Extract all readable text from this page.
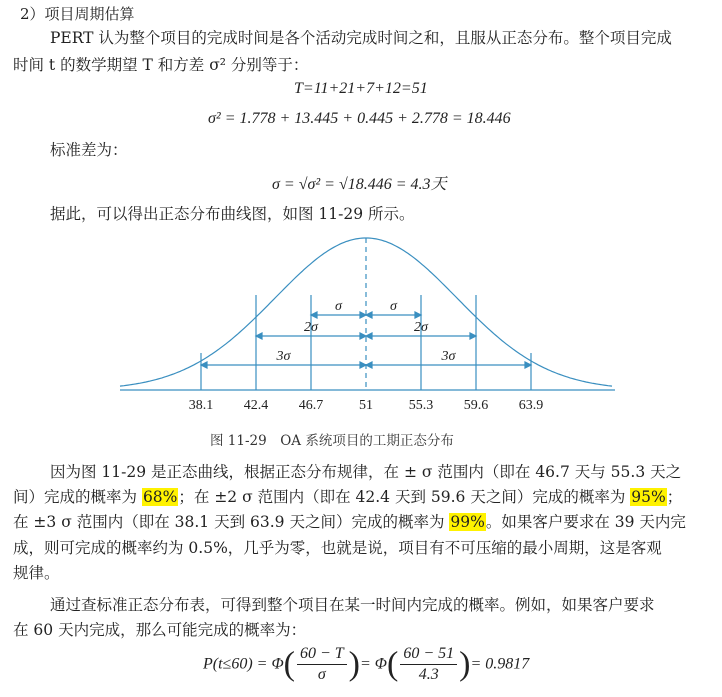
2）项目周期估算
PERT 认为整个项目的完成时间是各个活动完成时间之和，且服从正态分布。整个项目完成
时间 t 的数学期望 T 和方差 σ² 分别等于：
T=11+21+7+12=51
σ² = 1.778 + 13.445 + 0.445 + 2.778 = 18.446
标准差为：
σ = √σ² = √18.446 = 4.3天
据此，可以得出正态分布曲线图，如图 11-29 所示。
σ	σ
2σ	2σ
3σ	3σ
38.1 42.4 46.7	51	55.3 59.6 63.9
图 11-29　OA 系统项目的工期正态分布
因为图 11-29 是正态曲线，根据正态分布规律，在 ± σ 范围内（即在 46.7 天与 55.3 天之
间）完成的概率为 68%；在 ±2 σ 范围内（即在 42.4 天到 59.6 天之间）完成的概率为 95%；
在 ±3 σ 范围内（即在 38.1 天到 63.9 天之间）完成的概率为 99%。如果客户要求在 39 天内完
成，则可完成的概率约为 0.5%，几乎为零，也就是说，项目有不可压缩的最小周期，这是客观
规律。
通过查标准正态分布表，可得到整个项目在某一时间内完成的概率。例如，如果客户要求
在 60 天内完成，那么可能完成的概率为：
$P(t\le 60) = \Phi( \frac{60 - T}{\sigma}$ )= $\Phi( \frac{60 - 51}{4.3}$ )= 0.9817
